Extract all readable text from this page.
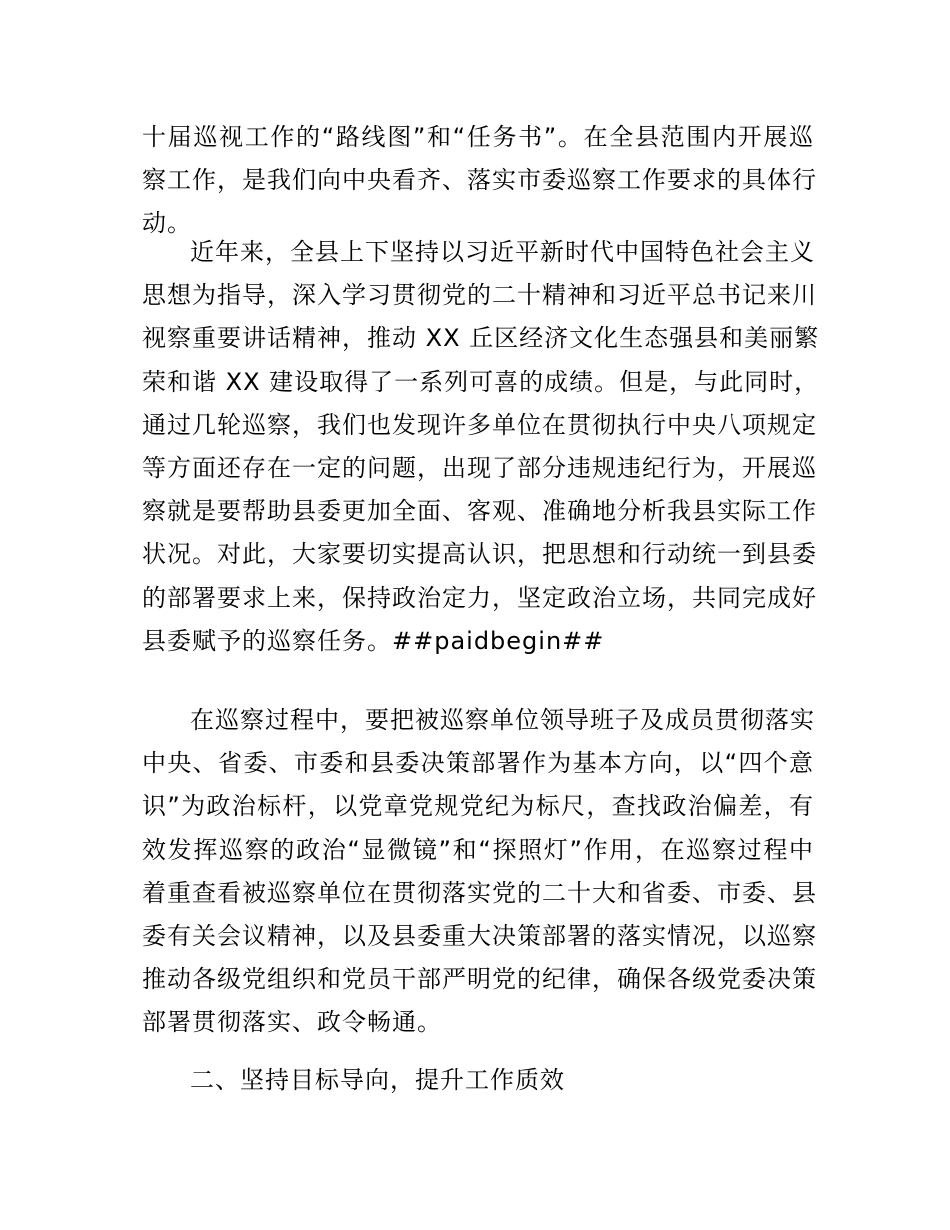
十届巡视工作的“路线图”和“任务书”。在全县范围内开展巡
察工作，是我们向中央看齐、落实市委巡察工作要求的具体行
动。
近年来，全县上下坚持以习近平新时代中国特色社会主义
思想为指导，深入学习贯彻党的二十精神和习近平总书记来川
视察重要讲话精神，推动 XX 丘区经济文化生态强县和美丽繁
荣和谐 XX 建设取得了一系列可喜的成绩。但是，与此同时，
通过几轮巡察，我们也发现许多单位在贯彻执行中央八项规定
等方面还存在一定的问题，出现了部分违规违纪行为，开展巡
察就是要帮助县委更加全面、客观、准确地分析我县实际工作
状况。对此，大家要切实提高认识，把思想和行动统一到县委
的部署要求上来，保持政治定力，坚定政治立场，共同完成好
县委赋予的巡察任务。##paidbegin##
在巡察过程中，要把被巡察单位领导班子及成员贯彻落实
中央、省委、市委和县委决策部署作为基本方向，以“四个意
识”为政治标杆，以党章党规党纪为标尺，查找政治偏差，有
效发挥巡察的政治“显微镜”和“探照灯”作用，在巡察过程中
着重查看被巡察单位在贯彻落实党的二十大和省委、市委、县
委有关会议精神，以及县委重大决策部署的落实情况，以巡察
推动各级党组织和党员干部严明党的纪律，确保各级党委决策
部署贯彻落实、政令畅通。
二、坚持目标导向，提升工作质效
